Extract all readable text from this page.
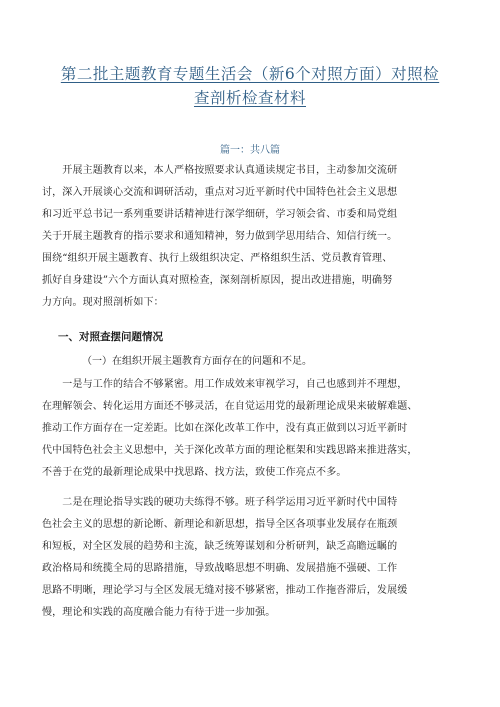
第二批主题教育专题生活会（新6个对照方面）对照检
查剖析检查材料
篇一：共八篇
　　开展主题教育以来，本人严格按照要求认真通读规定书目，主动参加交流研
讨，深入开展谈心交流和调研活动，重点对习近平新时代中国特色社会主义思想
和习近平总书记一系列重要讲话精神进行深学细研，学习领会省、市委和局党组
关于开展主题教育的指示要求和通知精神，努力做到学思用结合、知信行统一。
围绕“组织开展主题教育、执行上级组织决定、严格组织生活、党员教育管理、
抓好自身建设”六个方面认真对照检查，深刻剖析原因，提出改进措施，明确努
力方向。现对照剖析如下：
一、对照查摆问题情况
（一）在组织开展主题教育方面存在的问题和不足。
　　一是与工作的结合不够紧密。用工作成效来审视学习，自己也感到并不理想，
在理解领会、转化运用方面还不够灵活，在自觉运用党的最新理论成果来破解难题、
推动工作方面存在一定差距。比如在深化改革工作中，没有真正做到以习近平新时
代中国特色社会主义思想中，关于深化改革方面的理论框架和实践思路来推进落实，
不善于在党的最新理论成果中找思路、找方法，致使工作亮点不多。
　　二是在理论指导实践的硬功夫练得不够。班子科学运用习近平新时代中国特
色社会主义的思想的新论断、新理论和新思想，指导全区各项事业发展存在瓶颈
和短板，对全区发展的趋势和主流，缺乏统筹谋划和分析研判，缺乏高瞻远瞩的
政治格局和统揽全局的思路措施，导致战略思想不明确、发展措施不强硬、工作
思路不明晰，理论学习与全区发展无缝对接不够紧密，推动工作拖沓滞后，发展缓
慢，理论和实践的高度融合能力有待于进一步加强。
